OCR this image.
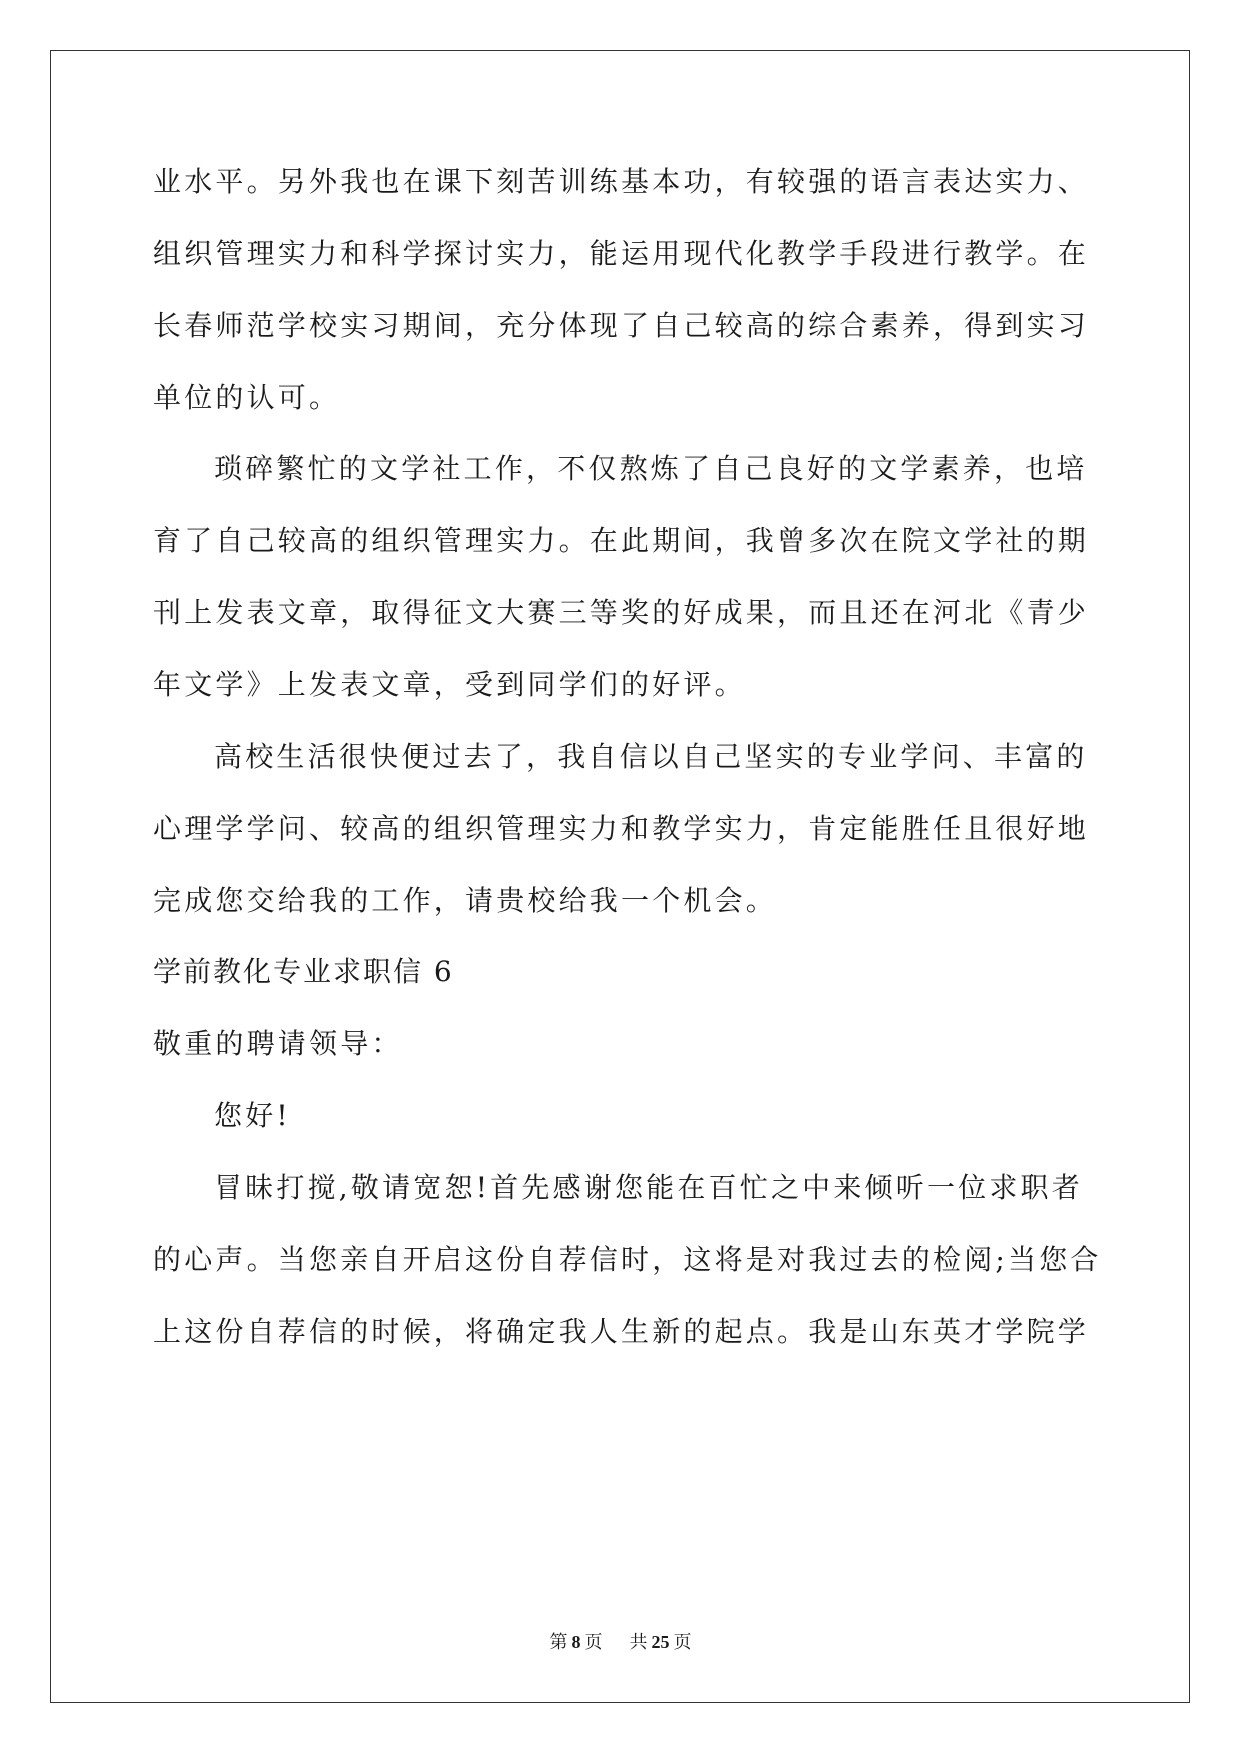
业水平。另外我也在课下刻苦训练基本功，有较强的语言表达实力、
组织管理实力和科学探讨实力，能运用现代化教学手段进行教学。在
长春师范学校实习期间，充分体现了自己较高的综合素养，得到实习
单位的认可。
琐碎繁忙的文学社工作，不仅熬炼了自己良好的文学素养，也培
育了自己较高的组织管理实力。在此期间，我曾多次在院文学社的期
刊上发表文章，取得征文大赛三等奖的好成果，而且还在河北《青少
年文学》上发表文章，受到同学们的好评。
高校生活很快便过去了，我自信以自己坚实的专业学问、丰富的
心理学学问、较高的组织管理实力和教学实力，肯定能胜任且很好地
完成您交给我的工作，请贵校给我一个机会。
学前教化专业求职信 6
敬重的聘请领导：
您好!
冒昧打搅,敬请宽恕!首先感谢您能在百忙之中来倾听一位求职者
的心声。当您亲自开启这份自荐信时，这将是对我过去的检阅;当您合
上这份自荐信的时候，将确定我人生新的起点。我是山东英才学院学
第 8 页 共 25 页
